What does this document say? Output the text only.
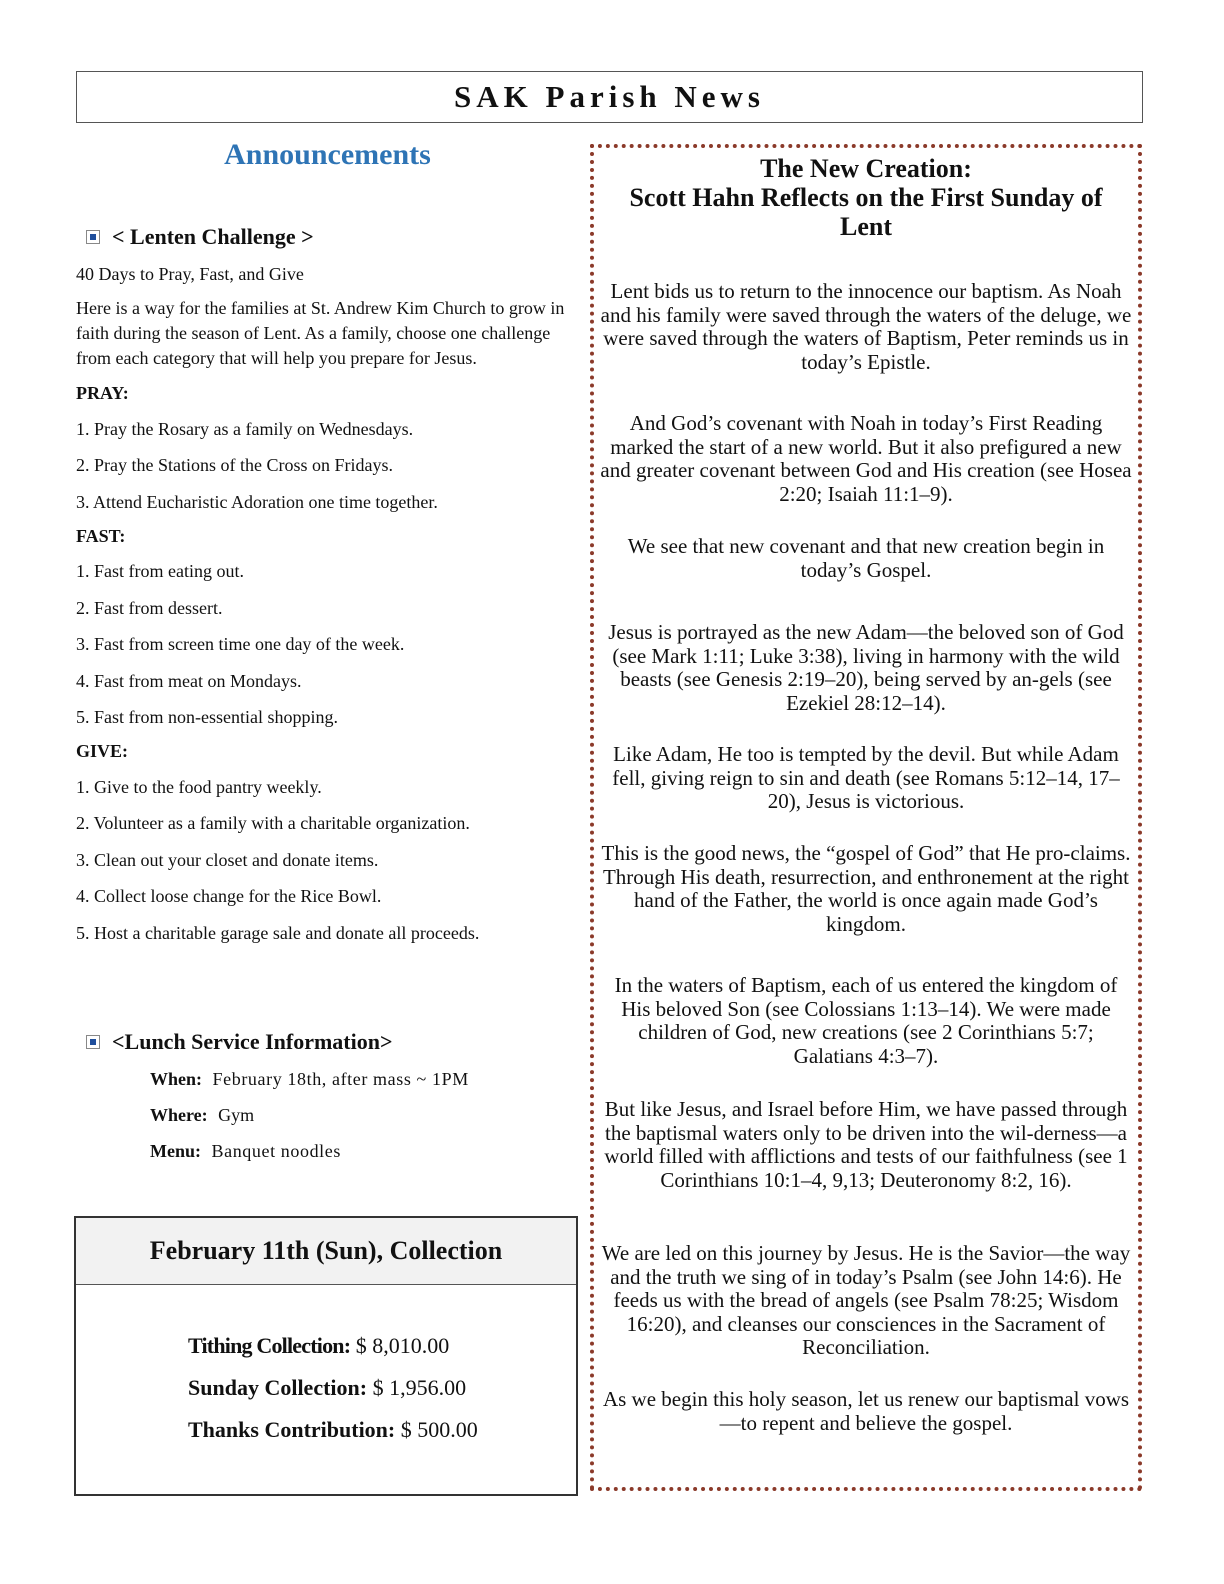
SAK Parish News
Announcements
< Lenten Challenge >

40 Days to Pray, Fast, and Give

Here is a way for the families at St. Andrew Kim Church to grow in faith during the season of Lent. As a family, choose one challenge from each category that will help you prepare for Jesus.

PRAY:
1. Pray the Rosary as a family on Wednesdays.
2. Pray the Stations of the Cross on Fridays.
3. Attend Eucharistic Adoration one time together.
FAST:
1. Fast from eating out.
2. Fast from dessert.
3. Fast from screen time one day of the week.
4. Fast from meat on Mondays.
5. Fast from non-essential shopping.
GIVE:
1. Give to the food pantry weekly.
2. Volunteer as a family with a charitable organization.
3. Clean out your closet and donate items.
4. Collect loose change for the Rice Bowl.
5. Host a charitable garage sale and donate all proceeds.
<Lunch Service Information>
When: February 18th, after mass ~ 1PM
Where: Gym
Menu: Banquet noodles
February 11th (Sun), Collection
Tithing Collection: $ 8,010.00
Sunday Collection: $ 1,956.00
Thanks Contribution: $ 500.00
The New Creation:
Scott Hahn Reflects on the First Sunday of Lent

Lent bids us to return to the innocence our baptism. As Noah and his family were saved through the waters of the deluge, we were saved through the waters of Baptism, Peter reminds us in today’s Epistle.

And God’s covenant with Noah in today’s First Reading marked the start of a new world. But it also prefigured a new and greater covenant between God and His creation (see Hosea 2:20; Isaiah 11:1–9).

We see that new covenant and that new creation begin in today’s Gospel.

Jesus is portrayed as the new Adam—the beloved son of God (see Mark 1:11; Luke 3:38), living in harmony with the wild beasts (see Genesis 2:19–20), being served by an-gels (see Ezekiel 28:12–14).

Like Adam, He too is tempted by the devil. But while Adam fell, giving reign to sin and death (see Romans 5:12–14, 17–20), Jesus is victorious.

This is the good news, the “gospel of God” that He pro-claims. Through His death, resurrection, and enthronement at the right hand of the Father, the world is once again made God’s kingdom.

In the waters of Baptism, each of us entered the kingdom of His beloved Son (see Colossians 1:13–14). We were made children of God, new creations (see 2 Corinthians 5:7; Galatians 4:3–7).

But like Jesus, and Israel before Him, we have passed through the baptismal waters only to be driven into the wil-derness—a world filled with afflictions and tests of our faithfulness (see 1 Corinthians 10:1–4, 9,13; Deuteronomy 8:2, 16).

We are led on this journey by Jesus. He is the Savior—the way and the truth we sing of in today’s Psalm (see John 14:6). He feeds us with the bread of angels (see Psalm 78:25; Wisdom 16:20), and cleanses our consciences in the Sacrament of Reconciliation.

As we begin this holy season, let us renew our baptismal vows—to repent and believe the gospel.
